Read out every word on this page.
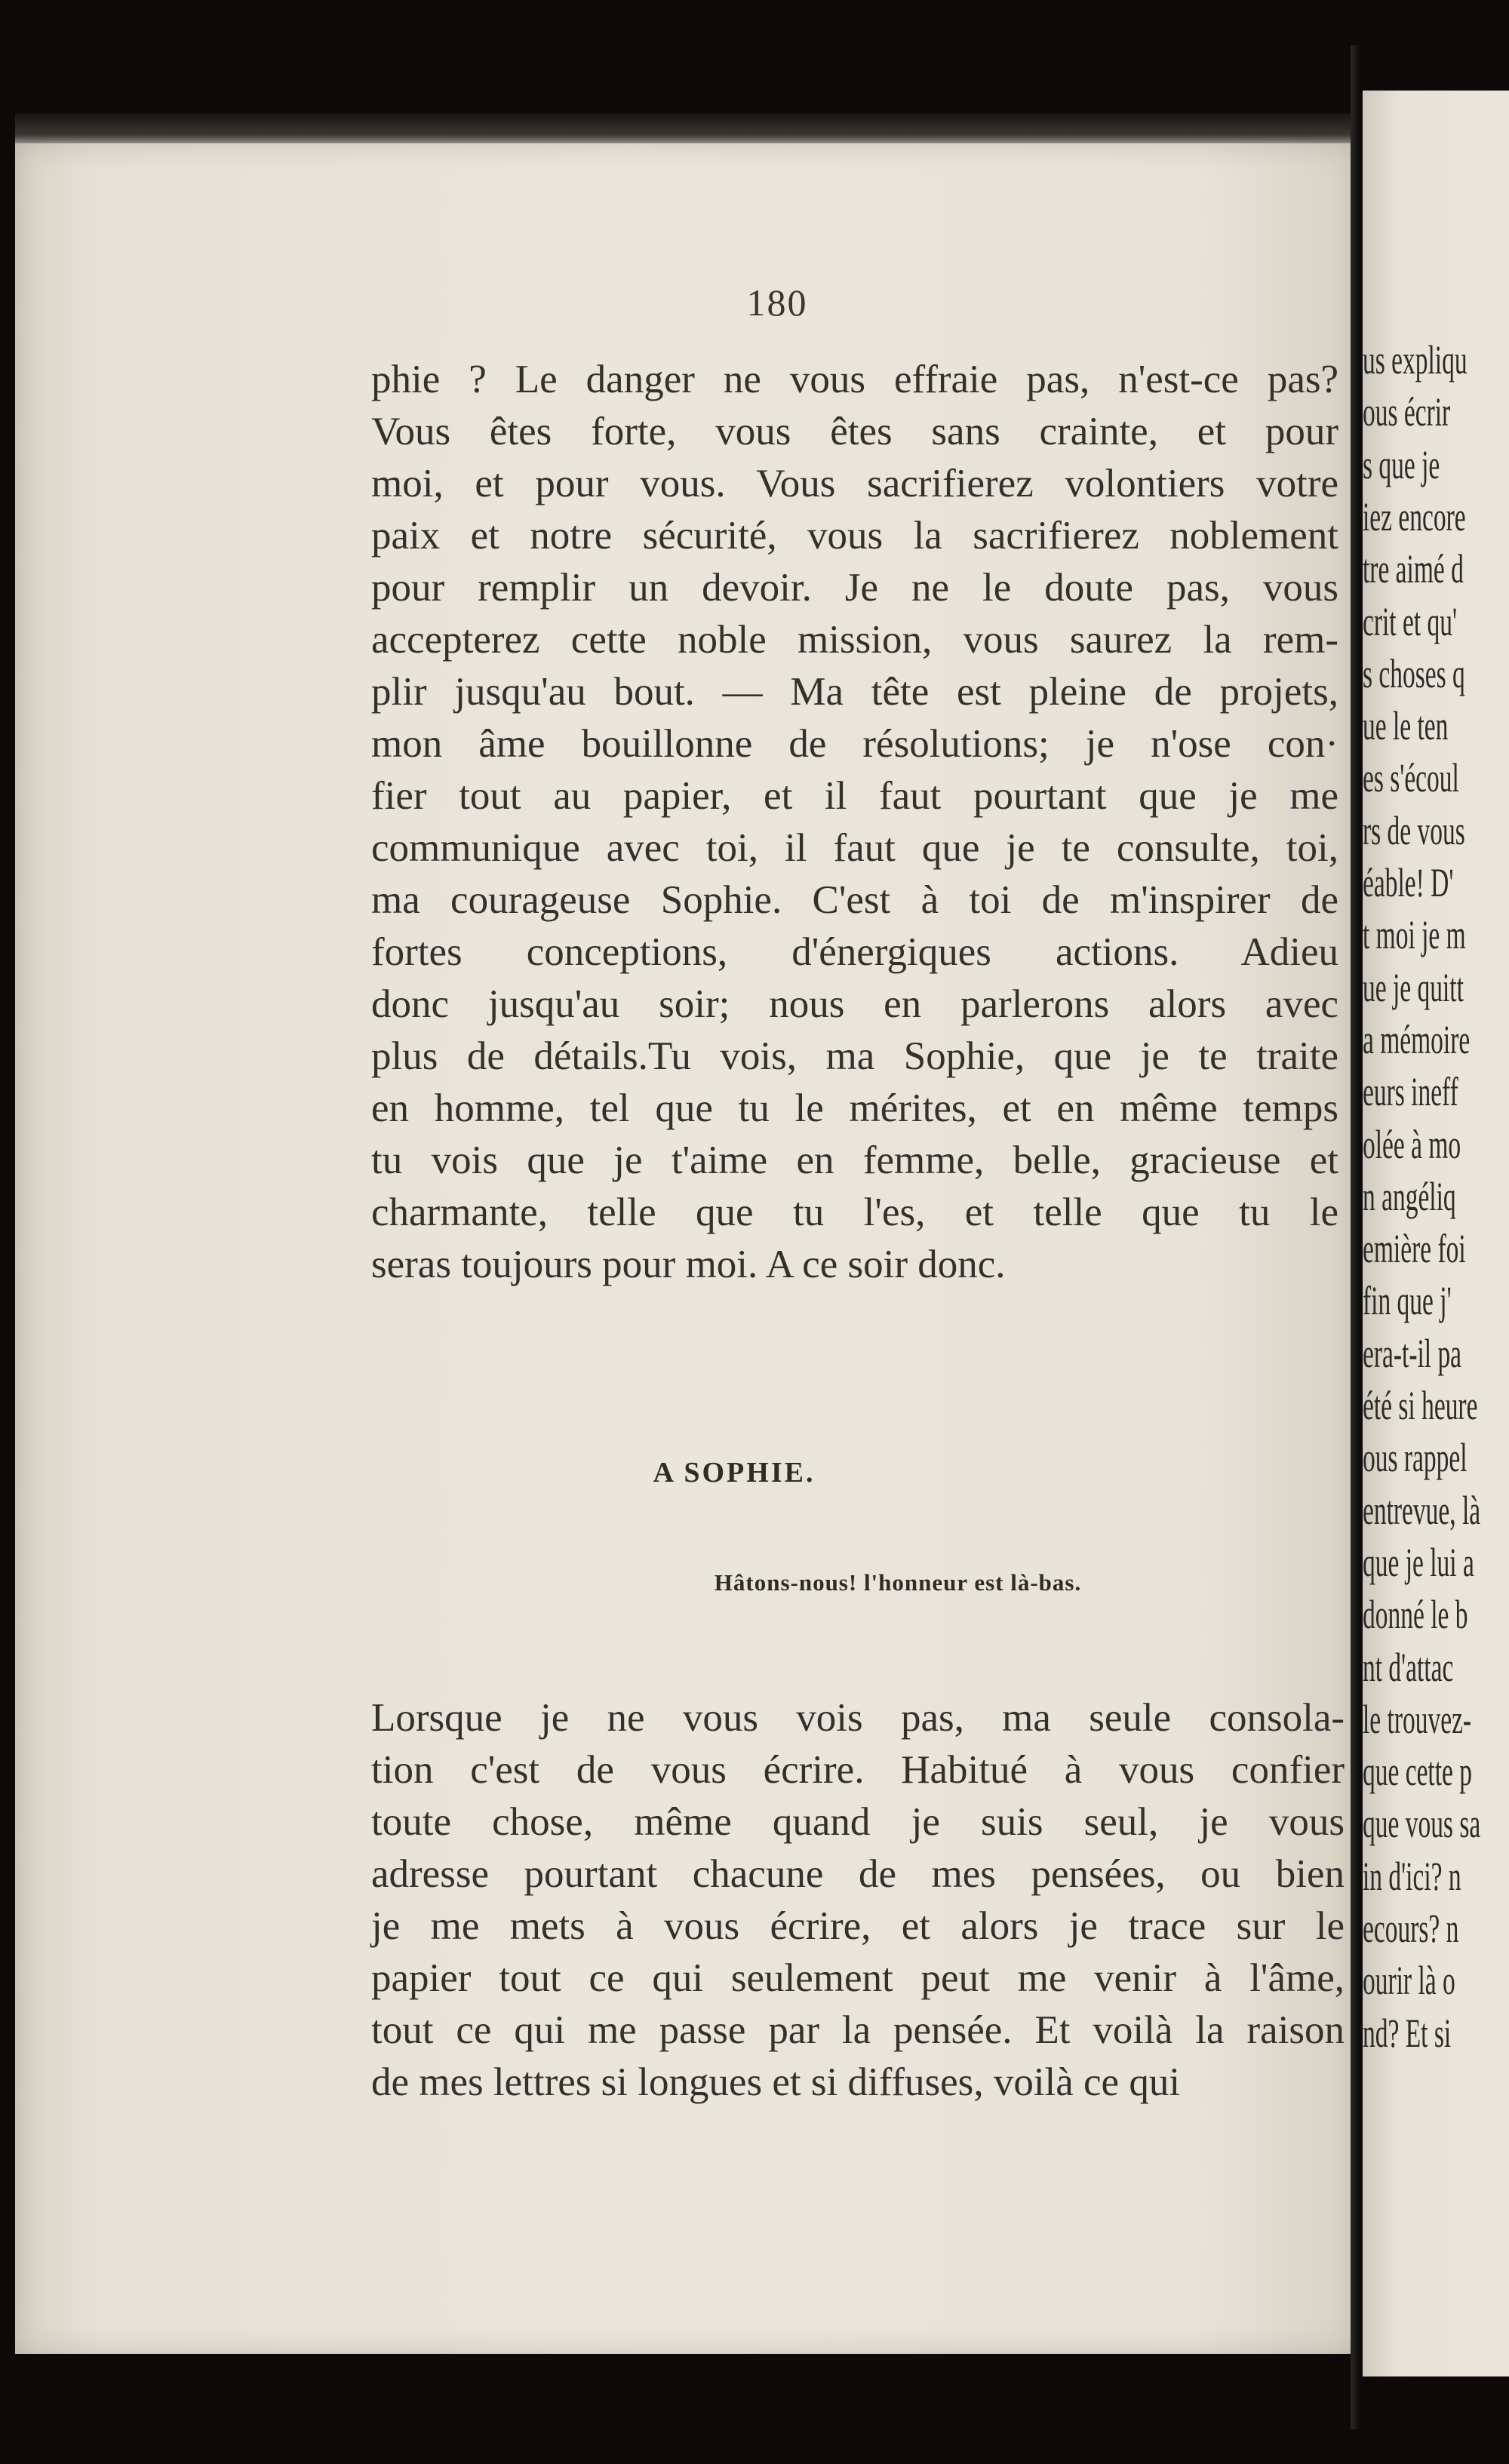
us expliqu
ous écrir
s que je
iez encore
tre aimé d
crit et qu'
s choses q
ue le ten
es s'écoul
rs de vous
éable! D'
t moi je m
ue je quitt
a mémoire
eurs ineff
olée à mo
n angéliq
emière foi
fin que j'
era-t-il pa
été si heure
ous rappel
entrevue, là
que je lui a
donné le b
nt d'attac
le trouvez-
que cette p
que vous sa
in d'ici? n
ecours? n
ourir là o
nd? Et si
180
phie ? Le danger ne vous effraie pas, n'est-ce pas?
Vous êtes forte, vous êtes sans crainte, et pour
moi, et pour vous. Vous sacrifierez volontiers votre
paix et notre sécurité, vous la sacrifierez noblement
pour remplir un devoir. Je ne le doute pas, vous
accepterez cette noble mission, vous saurez la rem-
plir jusqu'au bout. — Ma tête est pleine de projets,
mon âme bouillonne de résolutions; je n'ose con·
fier tout au papier, et il faut pourtant que je me
communique avec toi, il faut que je te consulte, toi,
ma courageuse Sophie. C'est à toi de m'inspirer de
fortes conceptions, d'énergiques actions. Adieu
donc jusqu'au soir; nous en parlerons alors avec
plus de détails.Tu vois, ma Sophie, que je te traite
en homme, tel que tu le mérites, et en même temps
tu vois que je t'aime en femme, belle, gracieuse et
charmante, telle que tu l'es, et telle que tu le
seras toujours pour moi. A ce soir donc.
A SOPHIE.
Hâtons-nous! l'honneur est là-bas.
Lorsque je ne vous vois pas, ma seule consola-
tion c'est de vous écrire. Habitué à vous confier
toute chose, même quand je suis seul, je vous
adresse pourtant chacune de mes pensées, ou bien
je me mets à vous écrire, et alors je trace sur le
papier tout ce qui seulement peut me venir à l'âme,
tout ce qui me passe par la pensée. Et voilà la raison
de mes lettres si longues et si diffuses, voilà ce qui
